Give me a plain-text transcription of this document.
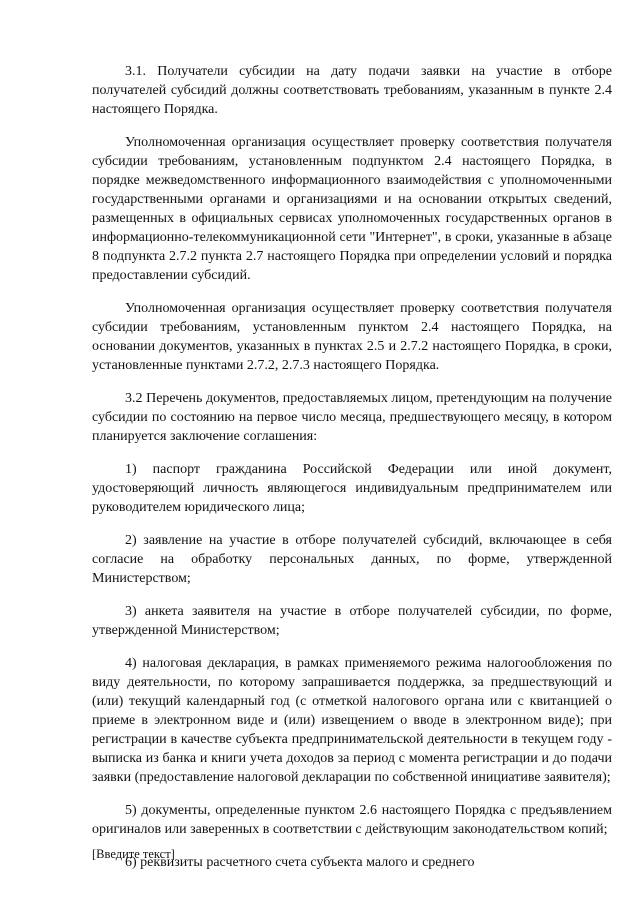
3.1. Получатели субсидии на дату подачи заявки на участие в отборе получателей субсидий должны соответствовать требованиям, указанным в пункте 2.4 настоящего Порядка.

Уполномоченная организация осуществляет проверку соответствия получателя субсидии требованиям, установленным подпунктом 2.4 настоящего Порядка, в порядке межведомственного информационного взаимодействия с уполномоченными государственными органами и организациями и на основании открытых сведений, размещенных в официальных сервисах уполномоченных государственных органов в информационно-телекоммуникационной сети "Интернет", в сроки, указанные в абзаце 8 подпункта 2.7.2 пункта 2.7 настоящего Порядка при определении условий и порядка предоставлении субсидий.

Уполномоченная организация осуществляет проверку соответствия получателя субсидии требованиям, установленным пунктом 2.4 настоящего Порядка, на основании документов, указанных в пунктах 2.5 и 2.7.2 настоящего Порядка, в сроки, установленные пунктами 2.7.2, 2.7.3 настоящего Порядка.

3.2 Перечень документов, предоставляемых лицом, претендующим на получение субсидии по состоянию на первое число месяца, предшествующего месяцу, в котором планируется заключение соглашения:

1) паспорт гражданина Российской Федерации или иной документ, удостоверяющий личность являющегося индивидуальным предпринимателем или руководителем юридического лица;

2) заявление на участие в отборе получателей субсидий, включающее в себя согласие на обработку персональных данных, по форме, утвержденной Министерством;

3) анкета заявителя на участие в отборе получателей субсидии, по форме, утвержденной Министерством;

4) налоговая декларация, в рамках применяемого режима налогообложения по виду деятельности, по которому запрашивается поддержка, за предшествующий и (или) текущий календарный год (с отметкой налогового органа или с квитанцией о приеме в электронном виде и (или) извещением о вводе в электронном виде); при регистрации в качестве субъекта предпринимательской деятельности в текущем году - выписка из банка и книги учета доходов за период с момента регистрации и до подачи заявки (предоставление налоговой декларации по собственной инициативе заявителя);

5) документы, определенные пунктом 2.6 настоящего Порядка с предъявлением оригиналов или заверенных в соответствии с действующим законодательством копий;

6) реквизиты расчетного счета субъекта малого и среднего

[Введите текст]
